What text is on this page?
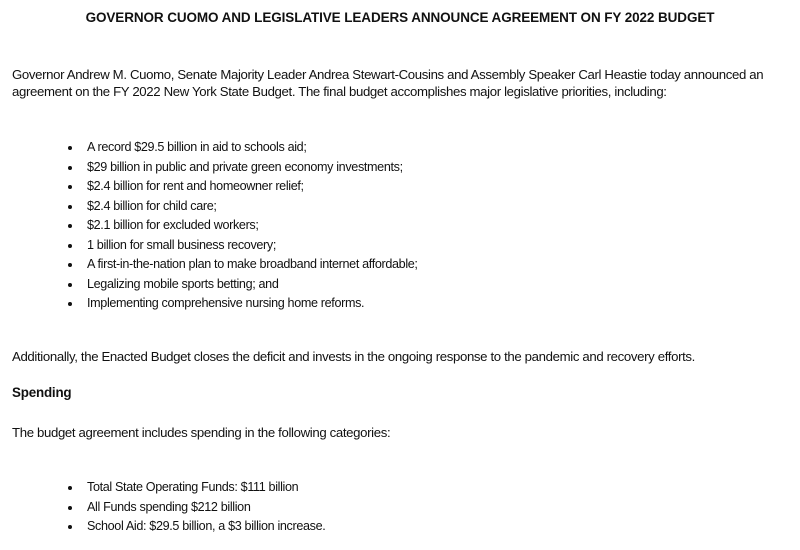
GOVERNOR CUOMO AND LEGISLATIVE LEADERS ANNOUNCE AGREEMENT ON FY 2022 BUDGET

Governor Andrew M. Cuomo, Senate Majority Leader Andrea Stewart-Cousins and Assembly Speaker Carl Heastie today announced an agreement on the FY 2022 New York State Budget. The final budget accomplishes major legislative priorities, including:

A record $29.5 billion in aid to schools aid;
$29 billion in public and private green economy investments;
$2.4 billion for rent and homeowner relief;
$2.4 billion for child care;
$2.1 billion for excluded workers;
1 billion for small business recovery;
A first-in-the-nation plan to make broadband internet affordable;
Legalizing mobile sports betting; and
Implementing comprehensive nursing home reforms.

Additionally, the Enacted Budget closes the deficit and invests in the ongoing response to the pandemic and recovery efforts.

Spending

The budget agreement includes spending in the following categories:

Total State Operating Funds: $111 billion
All Funds spending $212 billion
School Aid: $29.5 billion, a $3 billion increase.
